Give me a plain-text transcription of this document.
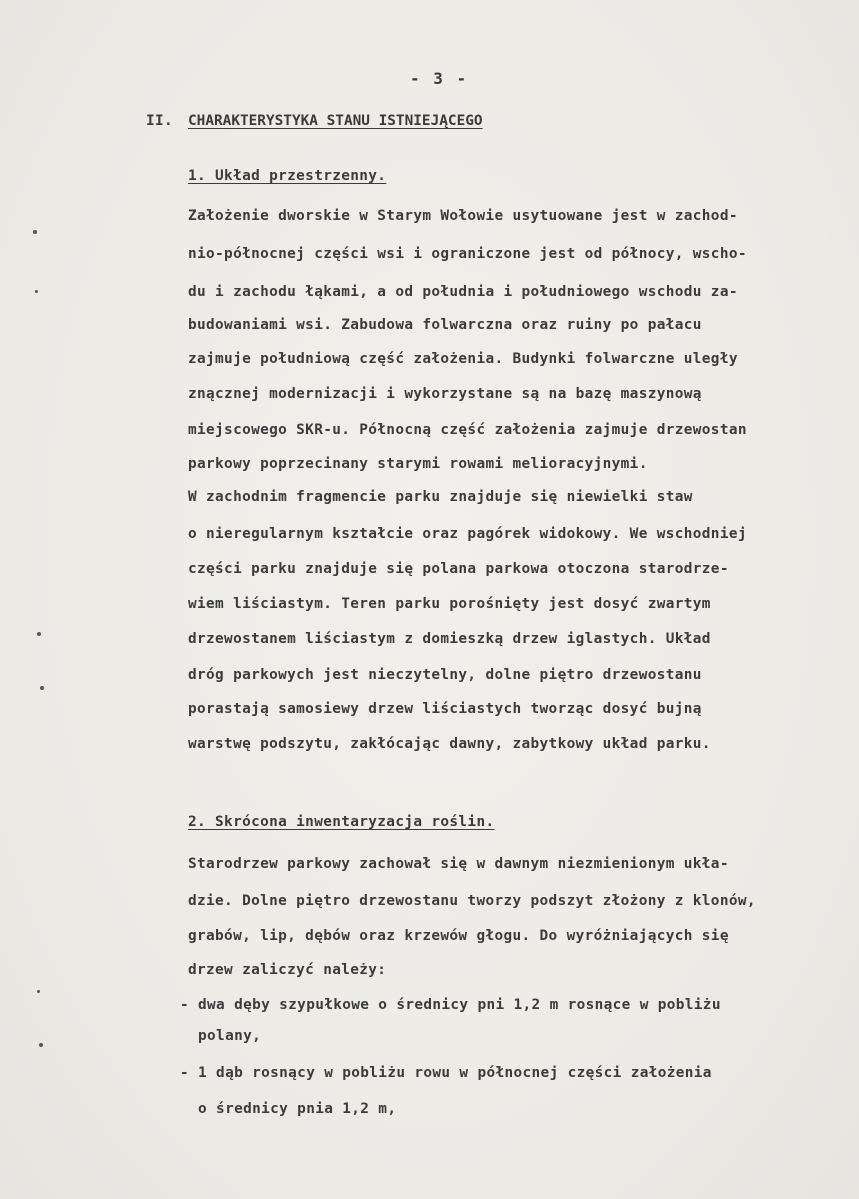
- 3 -
II. CHARAKTERYSTYKA STANU ISTNIEJĄCEGO
1. Układ przestrzenny.
Założenie dworskie w Starym Wołowie usytuowane jest w zachod-
nio-północnej części wsi i ograniczone jest od północy, wscho-
du i zachodu łąkami, a od południa i południowego wschodu za-
budowaniami wsi. Zabudowa folwarczna oraz ruiny po pałacu
zajmuje południową część założenia. Budynki folwarczne uległy
znącznej modernizacji i wykorzystane są na bazę maszynową
miejscowego SKR-u. Północną część założenia zajmuje drzewostan
parkowy poprzecinany starymi rowami melioracyjnymi.
W zachodnim fragmencie parku znajduje się niewielki staw
o nieregularnym kształcie oraz pagórek widokowy. We wschodniej
części parku znajduje się polana parkowa otoczona starodrze-
wiem liściastym. Teren parku porośnięty jest dosyć zwartym
drzewostanem liściastym z domieszką drzew iglastych. Układ
dróg parkowych jest nieczytelny, dolne piętro drzewostanu
porastają samosiewy drzew liściastych tworząc dosyć bujną
warstwę podszytu, zakłócając dawny, zabytkowy układ parku.
2. Skrócona inwentaryzacja roślin.
Starodrzew parkowy zachował się w dawnym niezmienionym ukła-
dzie. Dolne piętro drzewostanu tworzy podszyt złożony z klonów,
grabów, lip, dębów oraz krzewów głogu. Do wyróżniających się
drzew zaliczyć należy:
- dwa dęby szypułkowe o średnicy pni 1,2 m rosnące w pobliżu
polany,
- 1 dąb rosnący w pobliżu rowu w północnej części założenia
o średnicy pnia 1,2 m,
